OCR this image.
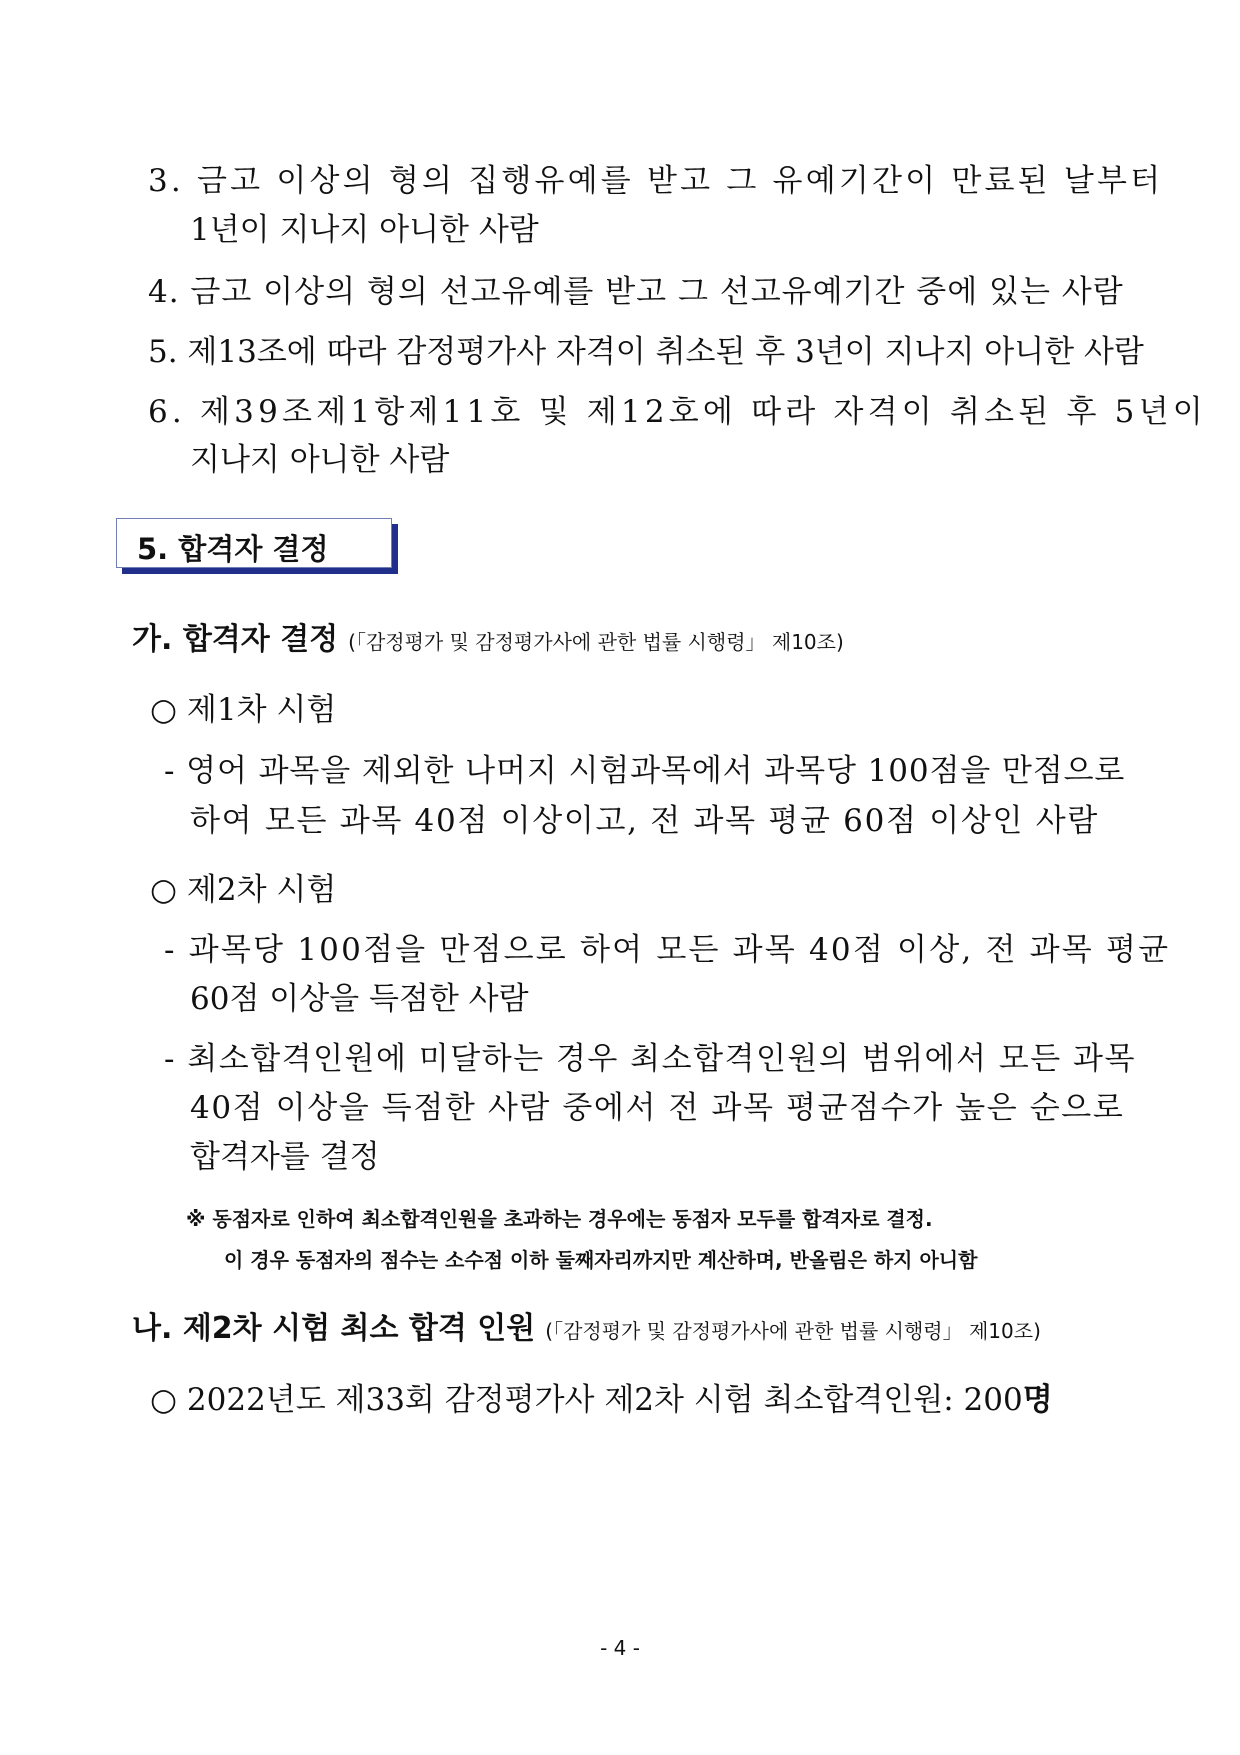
3. 금고 이상의 형의 집행유예를 받고 그 유예기간이 만료된 날부터
1년이 지나지 아니한 사람
4. 금고 이상의 형의 선고유예를 받고 그 선고유예기간 중에 있는 사람
5. 제13조에 따라 감정평가사 자격이 취소된 후 3년이 지나지 아니한 사람
6. 제39조제1항제11호 및 제12호에 따라 자격이 취소된 후 5년이
지나지 아니한 사람
5. 합격자 결정
가. 합격자 결정 (「감정평가 및 감정평가사에 관한 법률 시행령」 제10조)
○ 제1차 시험
- 영어 과목을 제외한 나머지 시험과목에서 과목당 100점을 만점으로
하여 모든 과목 40점 이상이고, 전 과목 평균 60점 이상인 사람
○ 제2차 시험
- 과목당 100점을 만점으로 하여 모든 과목 40점 이상, 전 과목 평균
60점 이상을 득점한 사람
- 최소합격인원에 미달하는 경우 최소합격인원의 범위에서 모든 과목
40점 이상을 득점한 사람 중에서 전 과목 평균점수가 높은 순으로
합격자를 결정
※ 동점자로 인하여 최소합격인원을 초과하는 경우에는 동점자 모두를 합격자로 결정.
이 경우 동점자의 점수는 소수점 이하 둘째자리까지만 계산하며, 반올림은 하지 아니함
나. 제2차 시험 최소 합격 인원 (「감정평가 및 감정평가사에 관한 법률 시행령」 제10조)
○ 2022년도 제33회 감정평가사 제2차 시험 최소합격인원: 200명
- 4 -
